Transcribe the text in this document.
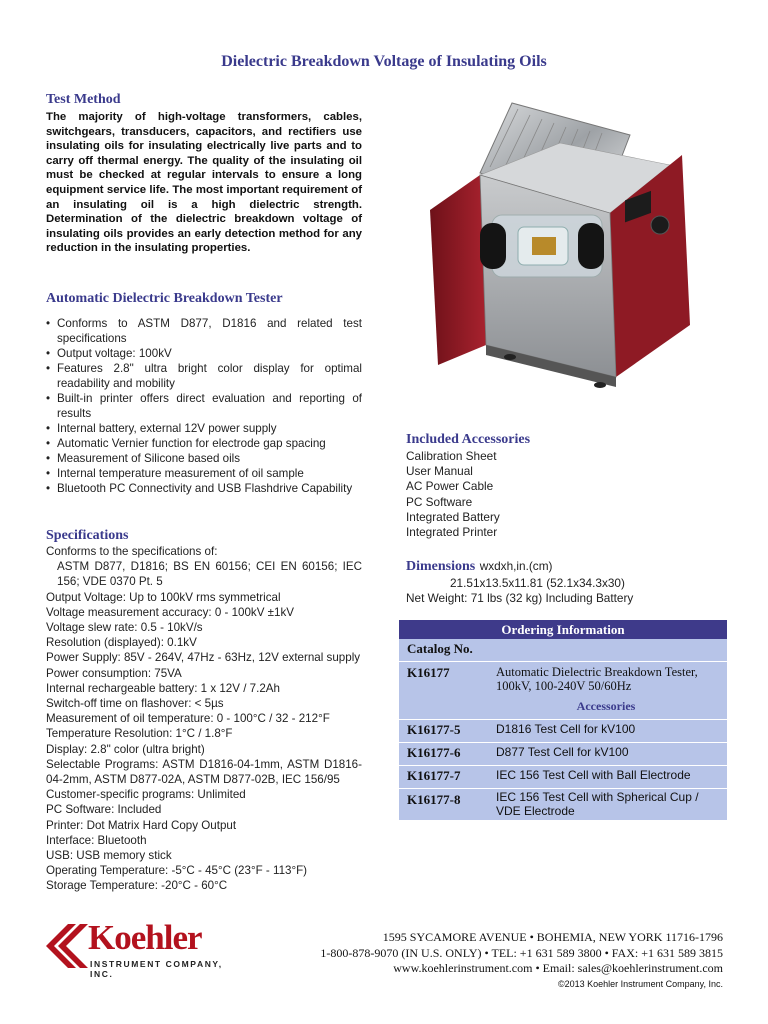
Dielectric Breakdown Voltage of Insulating Oils
Test Method

The majority of high-voltage transformers, cables, switchgears, transducers, capacitors, and rectifiers use insulating oils for insulating electrically live parts and to carry off thermal energy. The quality of the insulating oil must be checked at regular intervals to ensure a long equipment service life. The most important requirement of an insulating oil is a high dielectric strength. Determination of the dielectric breakdown voltage of insulating oils provides an early detection method for any reduction in the insulating properties.

Automatic Dielectric Breakdown Tester
• Conforms to ASTM D877, D1816 and related test specifications
• Output voltage: 100kV
• Features 2.8" ultra bright color display for optimal readability and mobility
• Built-in printer offers direct evaluation and reporting of results
• Internal battery, external 12V power supply
• Automatic Vernier function for electrode gap spacing
• Measurement of Silicone based oils
• Internal temperature measurement of oil sample
• Bluetooth PC Connectivity and USB Flashdrive Capability
Specifications
Conforms to the specifications of:
ASTM D877, D1816; BS EN 60156; CEI EN 60156; IEC 156; VDE 0370 Pt. 5
Output Voltage: Up to 100kV rms symmetrical
Voltage measurement accuracy: 0 - 100kV ±1kV
Voltage slew rate: 0.5 - 10kV/s
Resolution (displayed): 0.1kV
Power Supply: 85V - 264V, 47Hz - 63Hz, 12V external supply
Power consumption: 75VA
Internal rechargeable battery: 1 x 12V / 7.2Ah
Switch-off time on flashover: < 5µs
Measurement of oil temperature: 0 - 100°C / 32 - 212°F
Temperature Resolution: 1°C / 1.8°F
Display: 2.8" color (ultra bright)
Selectable Programs: ASTM D1816-04-1mm, ASTM D1816-04-2mm, ASTM D877-02A, ASTM D877-02B, IEC 156/95
Customer-specific programs: Unlimited
PC Software: Included
Printer: Dot Matrix Hard Copy Output
Interface: Bluetooth
USB: USB memory stick
Operating Temperature: -5°C - 45°C (23°F - 113°F)
Storage Temperature: -20°C - 60°C
Included Accessories
Calibration Sheet
User Manual
AC Power Cable
PC Software
Integrated Battery
Integrated Printer
Dimensions wxdxh,in.(cm)
21.51x13.5x11.81 (52.1x34.3x30)
Net Weight: 71 lbs (32 kg) Including Battery
Ordering Information
Catalog No.
K16177	Automatic Dielectric Breakdown Tester, 100kV, 100-240V 50/60Hz
Accessories
K16177-5	D1816 Test Cell for kV100
K16177-6	D877 Test Cell for kV100
K16177-7	IEC 156 Test Cell with Ball Electrode
K16177-8	IEC 156 Test Cell with Spherical Cup / VDE Electrode
Koehler
INSTRUMENT COMPANY, INC.
1595 SYCAMORE AVENUE • BOHEMIA, NEW YORK 11716-1796
1-800-878-9070 (IN U.S. ONLY) • TEL: +1 631 589 3800 • FAX: +1 631 589 3815
www.koehlerinstrument.com • Email: sales@koehlerinstrument.com
©2013 Koehler Instrument Company, Inc.
